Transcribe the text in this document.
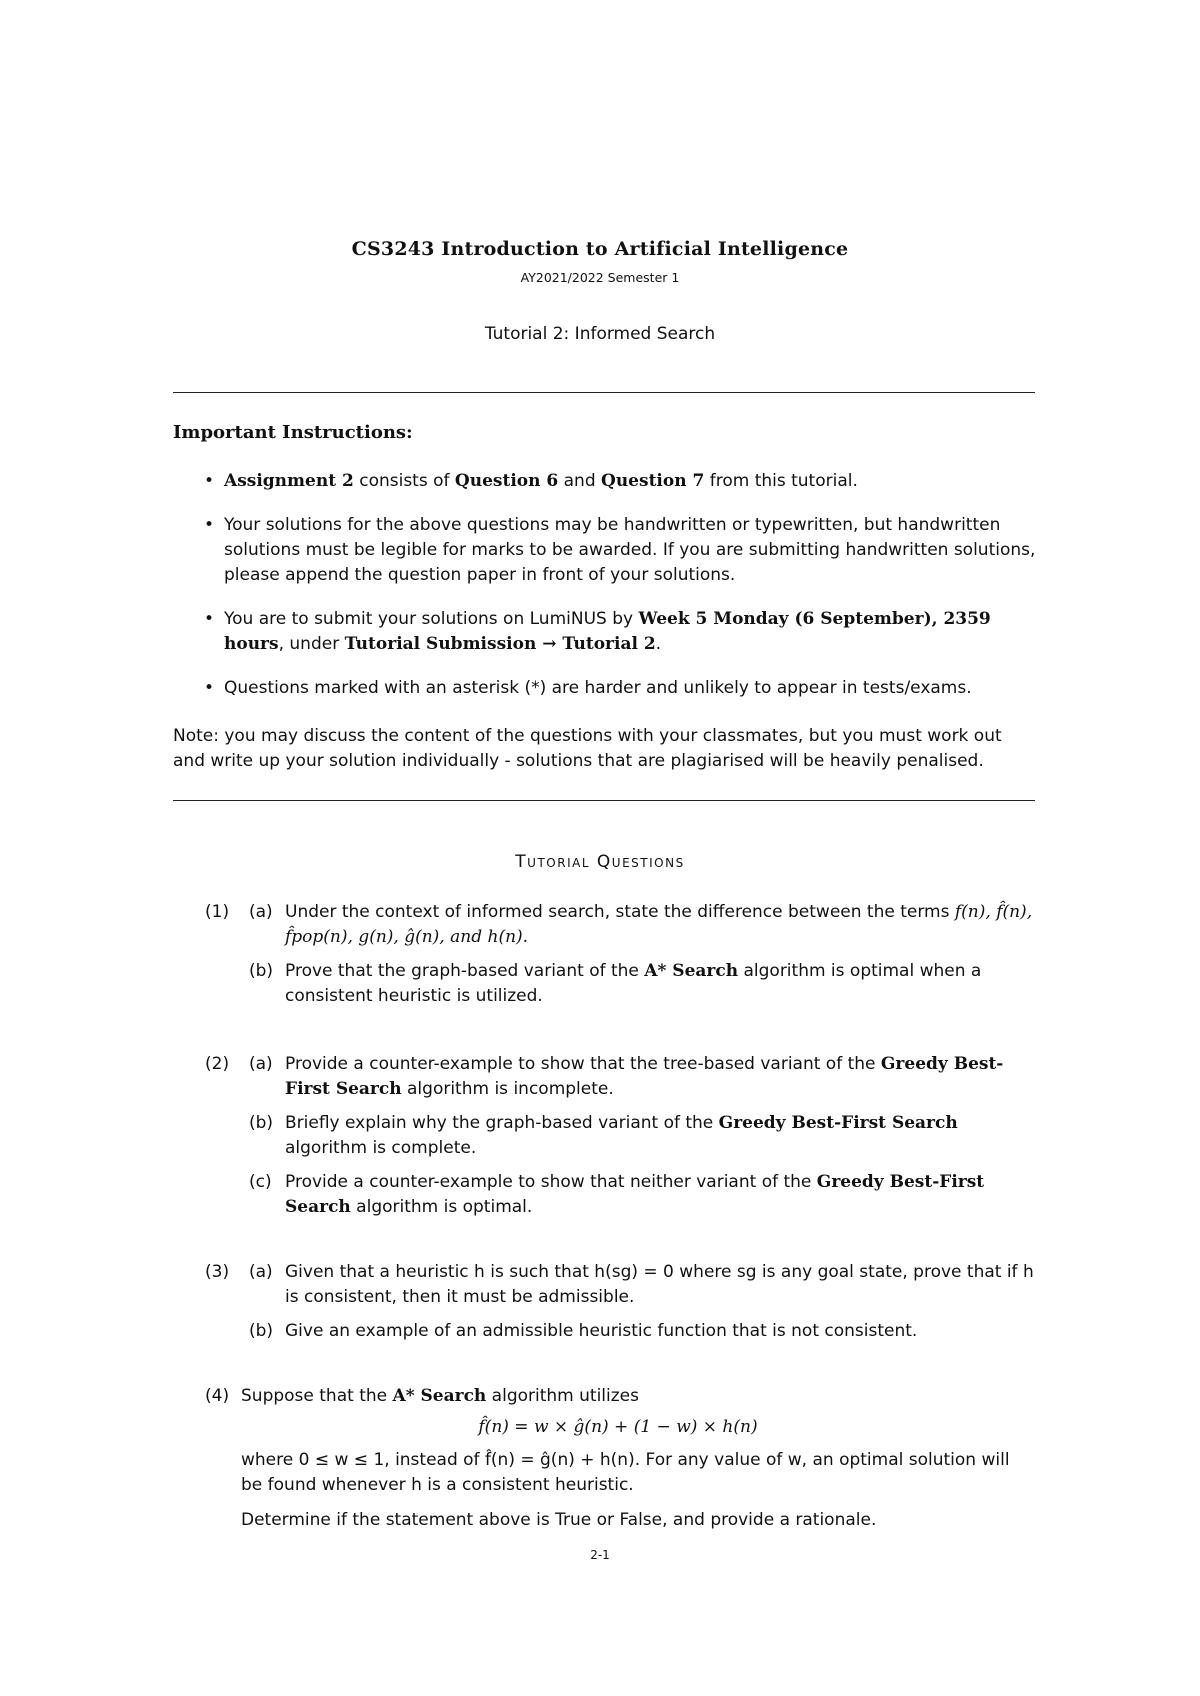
CS3243 Introduction to Artificial Intelligence
AY2021/2022 Semester 1
Tutorial 2: Informed Search
Important Instructions:
• Assignment 2 consists of Question 6 and Question 7 from this tutorial.
• Your solutions for the above questions may be handwritten or typewritten, but handwritten solutions must be legible for marks to be awarded. If you are submitting handwritten solutions, please append the question paper in front of your solutions.
• You are to submit your solutions on LumiNUS by Week 5 Monday (6 September), 2359 hours, under Tutorial Submission → Tutorial 2.
• Questions marked with an asterisk (*) are harder and unlikely to appear in tests/exams.
Note: you may discuss the content of the questions with your classmates, but you must work out and write up your solution individually - solutions that are plagiarised will be heavily penalised.
Tutorial Questions
(1) (a) Under the context of informed search, state the difference between the terms f(n), f̂(n), f̂pop(n), g(n), ĝ(n), and h(n).
(b) Prove that the graph-based variant of the A* Search algorithm is optimal when a consistent heuristic is utilized.
(2) (a) Provide a counter-example to show that the tree-based variant of the Greedy Best-First Search algorithm is incomplete.
(b) Briefly explain why the graph-based variant of the Greedy Best-First Search algorithm is complete.
(c) Provide a counter-example to show that neither variant of the Greedy Best-First Search algorithm is optimal.
(3) (a) Given that a heuristic h is such that h(sg) = 0 where sg is any goal state, prove that if h is consistent, then it must be admissible.
(b) Give an example of an admissible heuristic function that is not consistent.
(4) Suppose that the A* Search algorithm utilizes
f̂(n) = w × ĝ(n) + (1 − w) × h(n)
where 0 ≤ w ≤ 1, instead of f̂(n) = ĝ(n) + h(n). For any value of w, an optimal solution will be found whenever h is a consistent heuristic.
Determine if the statement above is True or False, and provide a rationale.
2-1
